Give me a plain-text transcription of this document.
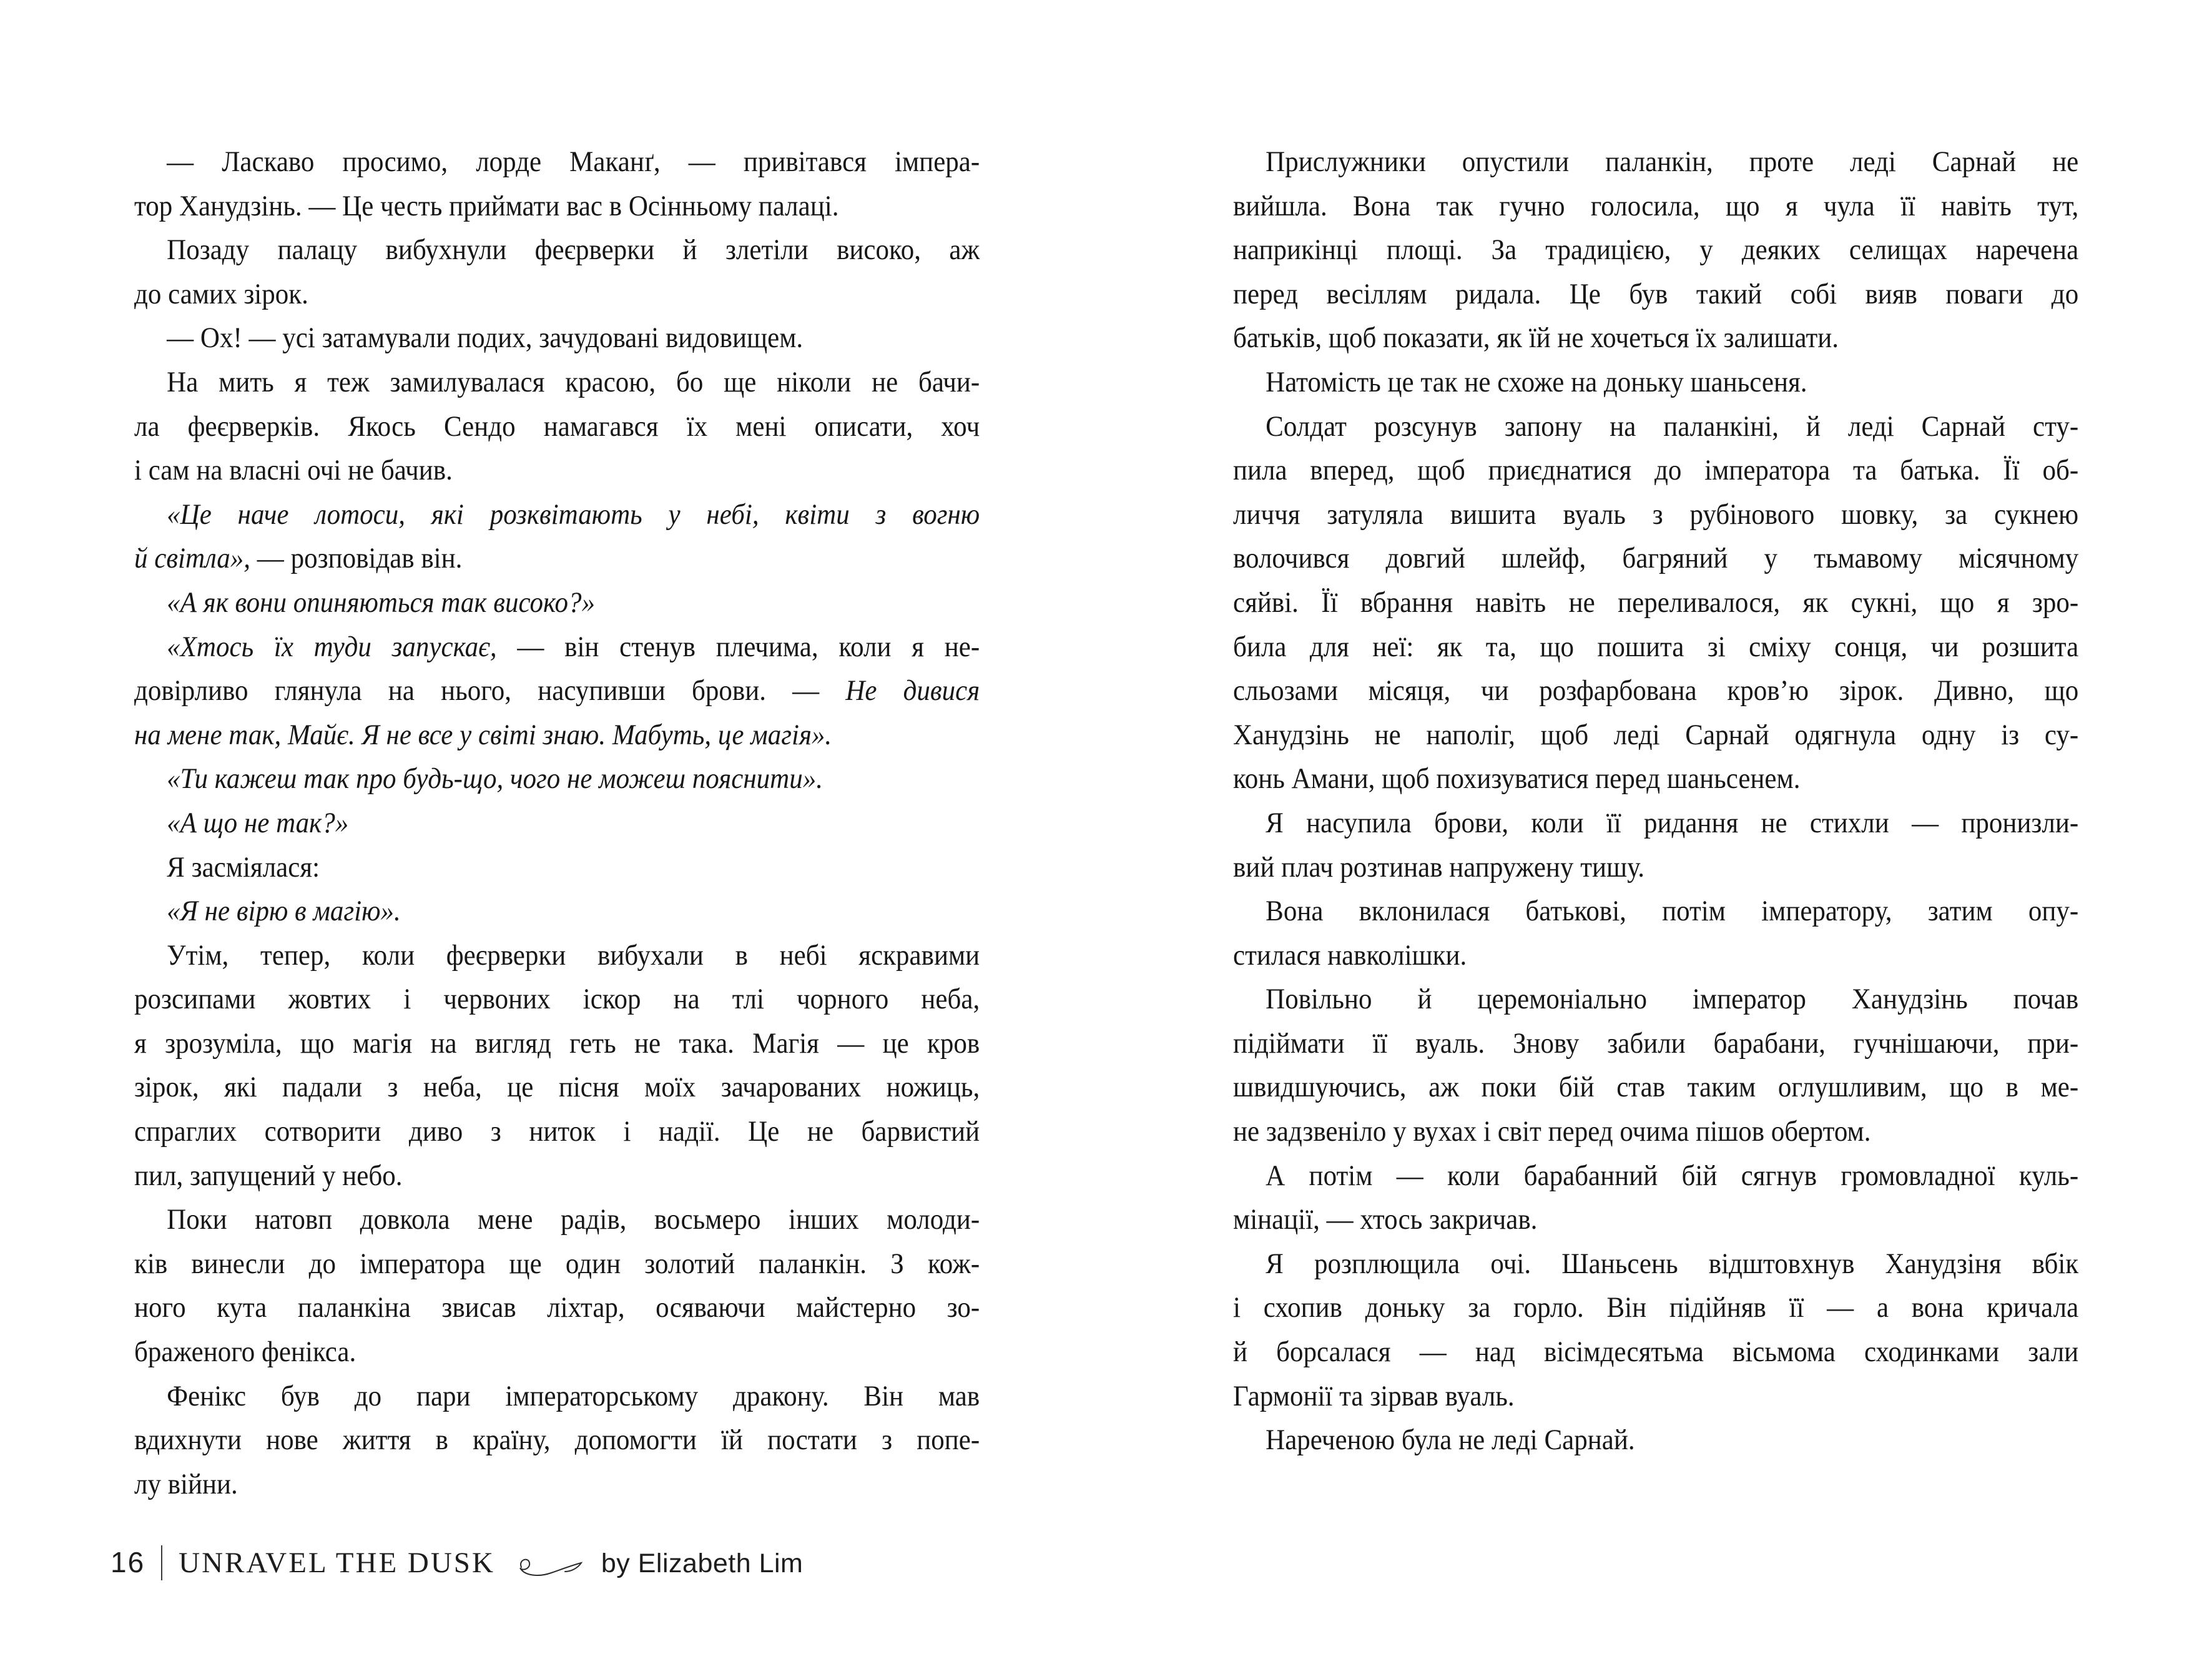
— Ласкаво просимо, лорде Маканґ, — привітався імпера-
тор Ханудзінь. — Це честь приймати вас в Осінньому палаці.
Позаду палацу вибухнули феєрверки й злетіли високо, аж
до самих зірок.
— Ох! — усі затамували подих, зачудовані видовищем.
На мить я теж замилувалася красою, бо ще ніколи не бачи-
ла феєрверків. Якось Сендо намагався їх мені описати, хоч
і сам на власні очі не бачив.
«Це наче лотоси, які розквітають у небі, квіти з вогню
й світла», — розповідав він.
«А як вони опиняються так високо?»
«Хтось їх туди запускає, — він стенув плечима, коли я не-
довірливо глянула на нього, насупивши брови. — Не дивися
на мене так, Майє. Я не все у світі знаю. Мабуть, це магія».
«Ти кажеш так про будь-що, чого не можеш пояснити».
«А що не так?»
Я засміялася:
«Я не вірю в магію».
Утім, тепер, коли феєрверки вибухали в небі яскравими
розсипами жовтих і червоних іскор на тлі чорного неба,
я зрозуміла, що магія на вигляд геть не така. Магія — це кров
зірок, які падали з неба, це пісня моїх зачарованих ножиць,
спраглих сотворити диво з ниток і надії. Це не барвистий
пил, запущений у небо.
Поки натовп довкола мене радів, восьмеро інших молоди-
ків винесли до імператора ще один золотий паланкін. З кож-
ного кута паланкіна звисав ліхтар, осяваючи майстерно зо-
браженого фенікса.
Фенікс був до пари імператорському дракону. Він мав
вдихнути нове життя в країну, допомогти їй постати з попе-
лу війни.
Прислужники опустили паланкін, проте леді Сарнай не
вийшла. Вона так гучно голосила, що я чула її навіть тут,
наприкінці площі. За традицією, у деяких селищах наречена
перед весіллям ридала. Це був такий собі вияв поваги до
батьків, щоб показати, як їй не хочеться їх залишати.
Натомість це так не схоже на доньку шаньсеня.
Солдат розсунув запону на паланкіні, й леді Сарнай сту-
пила вперед, щоб приєднатися до імператора та батька. Її об-
личчя затуляла вишита вуаль з рубінового шовку, за сукнею
волочився довгий шлейф, багряний у тьмавому місячному
сяйві. Її вбрання навіть не переливалося, як сукні, що я зро-
била для неї: як та, що пошита зі сміху сонця, чи розшита
сльозами місяця, чи розфарбована кров’ю зірок. Дивно, що
Ханудзінь не наполіг, щоб леді Сарнай одягнула одну із су-
конь Амани, щоб похизуватися перед шаньсенем.
Я насупила брови, коли її ридання не стихли — пронизли-
вий плач розтинав напружену тишу.
Вона вклонилася батькові, потім імператору, затим опу-
стилася навколішки.
Повільно й церемоніально імператор Ханудзінь почав
підіймати її вуаль. Знову забили барабани, гучнішаючи, при-
швидшуючись, аж поки бій став таким оглушливим, що в ме-
не задзвеніло у вухах і світ перед очима пішов обертом.
А потім — коли барабанний бій сягнув громовладної куль-
мінації, — хтось закричав.
Я розплющила очі. Шаньсень відштовхнув Ханудзіня вбік
і схопив доньку за горло. Він підійняв її — а вона кричала
й борсалася — над вісімдесятьма вісьмома сходинками зали
Гармонії та зірвав вуаль.
Нареченою була не леді Сарнай.
16 UNRAVEL THE DUSK	by Elizabeth Lim
